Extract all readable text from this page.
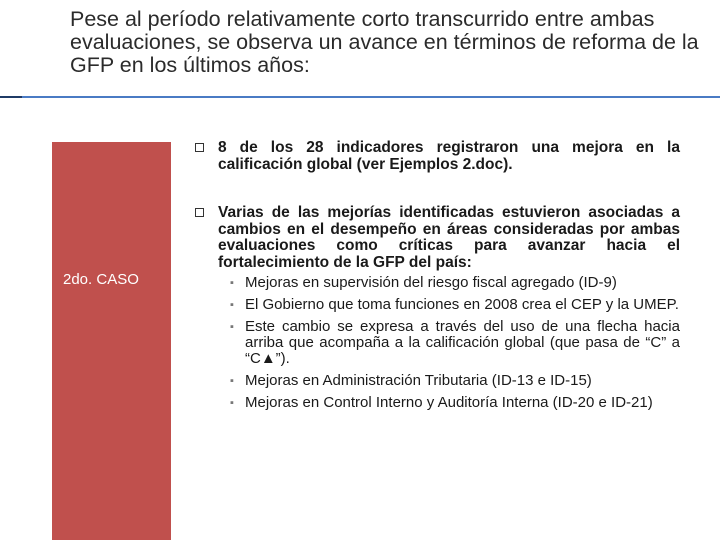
Pese al período relativamente corto transcurrido entre ambas evaluaciones, se observa un avance en términos de reforma de la GFP en los últimos años:
2do. CASO
8 de los 28 indicadores registraron una mejora en la calificación global (ver Ejemplos 2.doc).
Varias de las mejorías identificadas estuvieron asociadas a cambios en el desempeño en áreas consideradas por ambas evaluaciones como críticas para avanzar hacia el fortalecimiento de la GFP del país:
▪ Mejoras en supervisión del riesgo fiscal agregado (ID-9)
▪ El Gobierno que toma funciones en 2008 crea el CEP y la UMEP.
▪ Este cambio se expresa a través del uso de una flecha hacia arriba que acompaña a la calificación global (que pasa de “C” a “C▲”).
▪ Mejoras en Administración Tributaria (ID-13 e ID-15)
▪ Mejoras en Control Interno y Auditoría Interna (ID-20 e ID-21)
